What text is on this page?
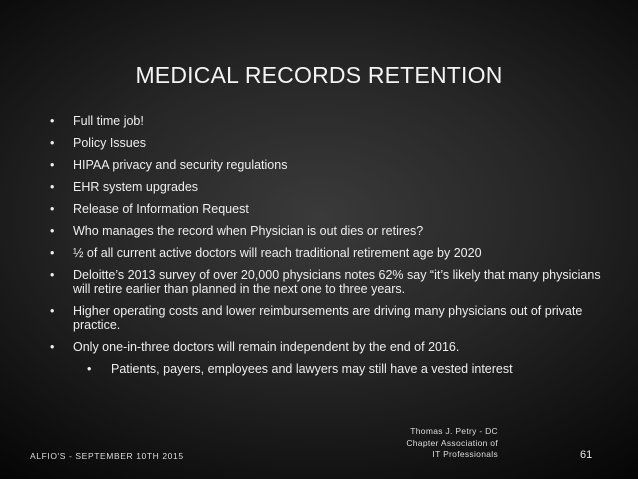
MEDICAL RECORDS RETENTION
• Full time job!
• Policy Issues
• HIPAA privacy and security regulations
• EHR system upgrades
• Release of Information Request
• Who manages the record when Physician is out dies or retires?
• ½ of all current active doctors will reach traditional retirement age by 2020
• Deloitte’s 2013 survey of over 20,000 physicians notes 62% say “it’s likely that many physicians will retire earlier than planned in the next one to three years.
• Higher operating costs and lower reimbursements are driving many physicians out of private practice.
• Only one-in-three doctors will remain independent by the end of 2016.
• Patients, payers, employees and lawyers may still have a vested interest
ALFIO'S - SEPTEMBER 10TH 2015
Thomas J. Petry - DC
Chapter Association of
IT Professionals	61
